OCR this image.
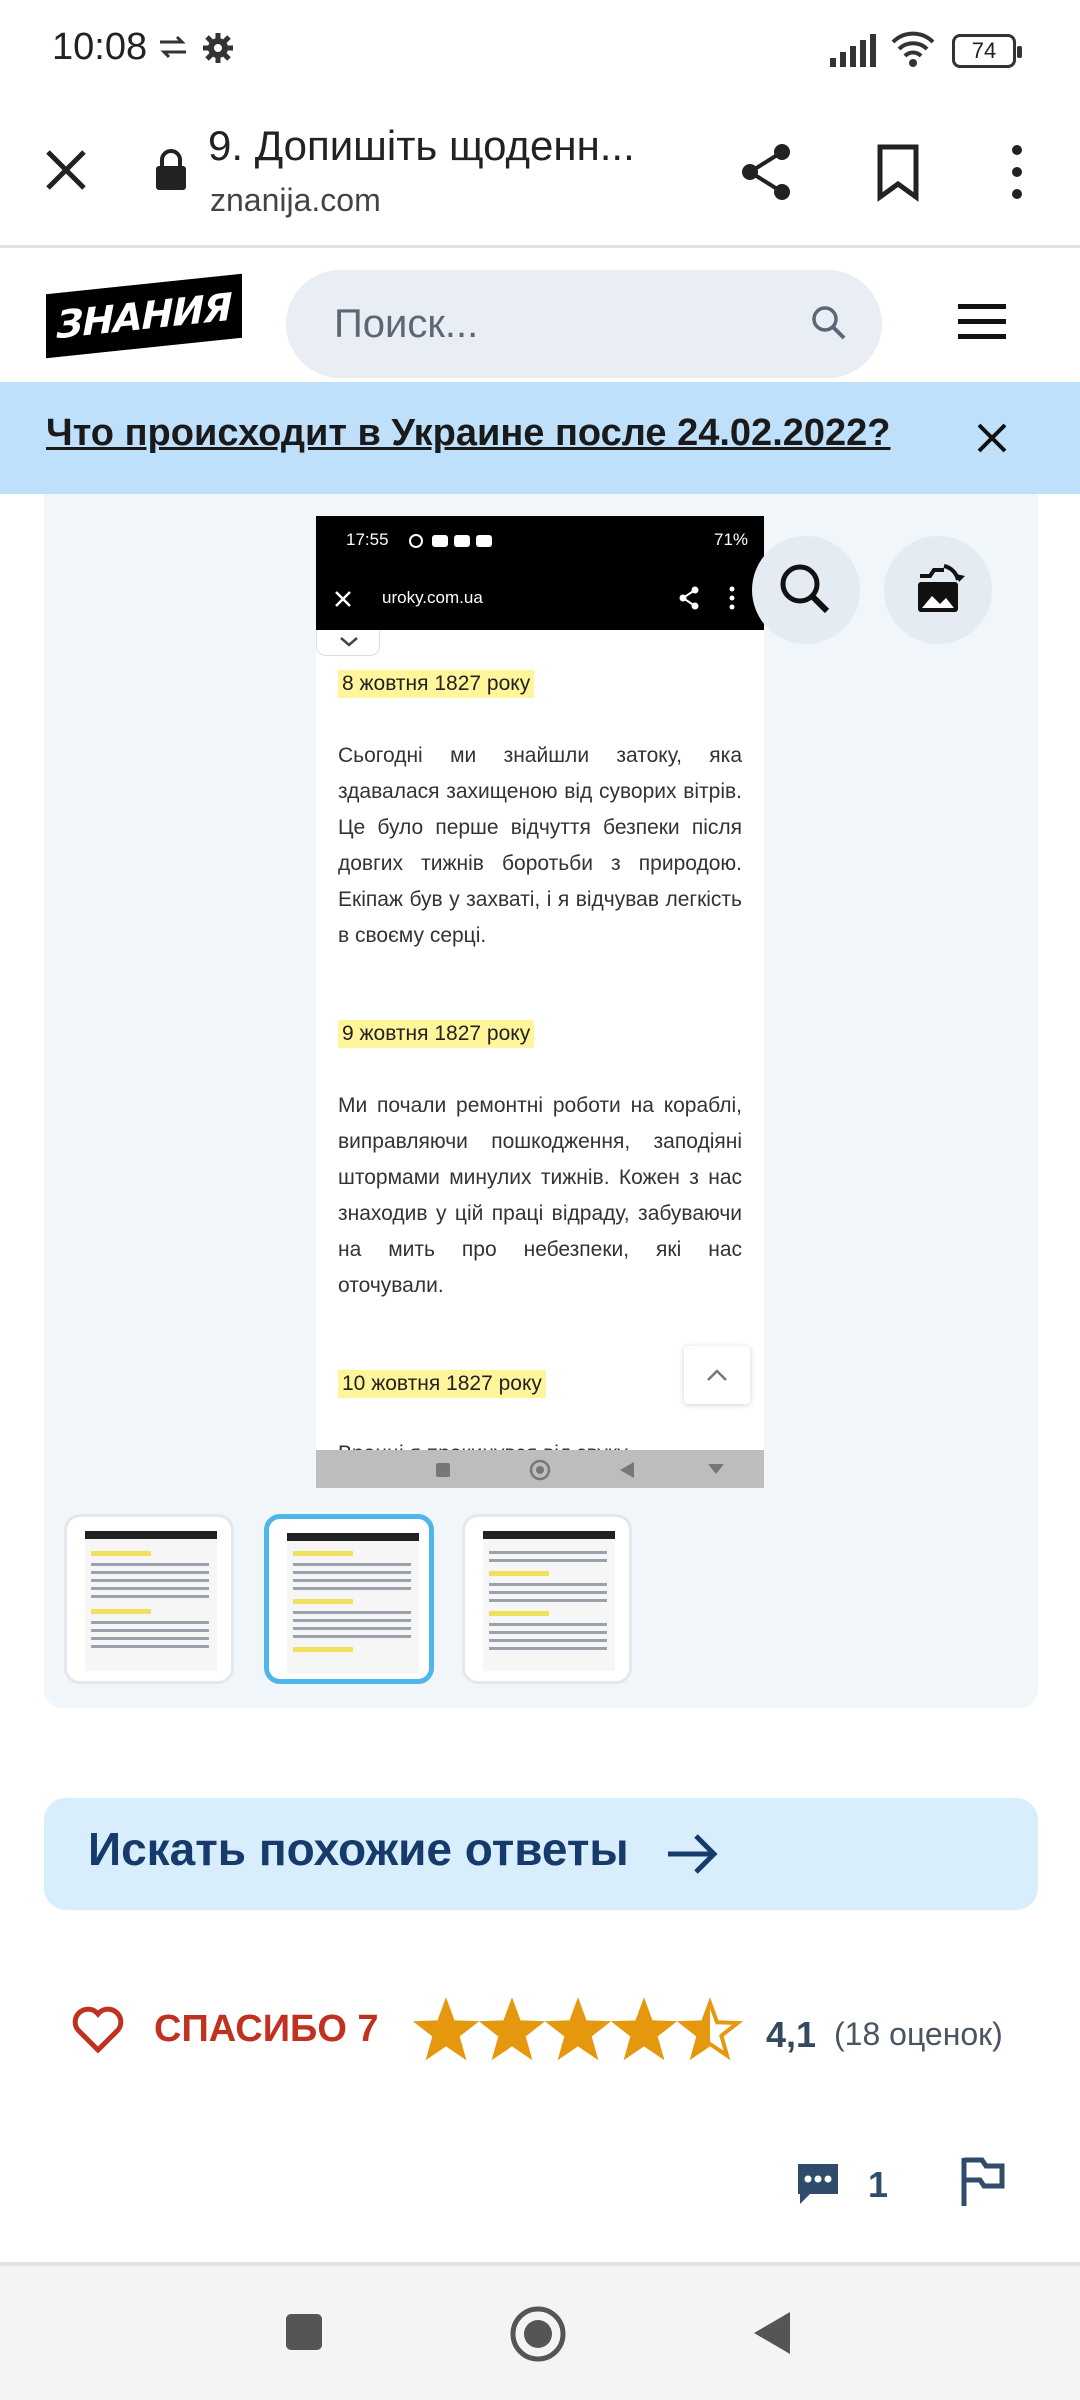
10:08	74
9. Допишіть щоденн...
znanija.com
ЗНАНИЯ
Поиск...
Что происходит в Украине после 24.02.2022?
17:55	71%
uroky.com.ua
8 жовтня 1827 року
Сьогодні ми знайшли затоку, яка здавалася захищеною від суворих вітрів. Це було перше відчуття безпеки після довгих тижнів боротьби з природою. Екіпаж був у захваті, і я відчував легкість в своєму серці.
9 жовтня 1827 року
Ми почали ремонтні роботи на кораблі, виправляючи пошкодження, заподіяні штормами минулих тижнів. Кожен з нас знаходив у цій праці відраду, забуваючи на мить про небезпеки, які нас оточували.
10 жовтня 1827 року
Искать похожие ответы
СПАСИБО 7	4,1 (18 оценок)
1
